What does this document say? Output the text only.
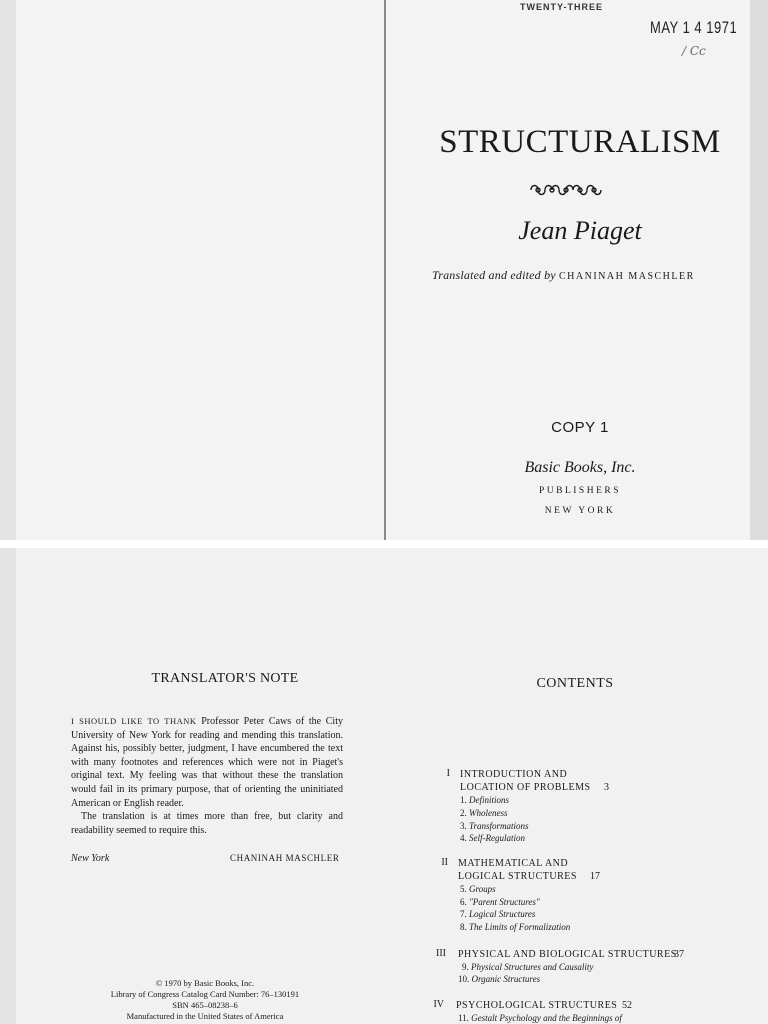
TWENTY-THREE
MAY 1 4 1971
/ Cc
STRUCTURALISM
Jean Piaget
Translated and edited by CHANINAH MASCHLER
COPY 1
Basic Books, Inc.
PUBLISHERS
NEW YORK
TRANSLATOR'S NOTE

I SHOULD LIKE TO THANK Professor Peter Caws of the City University of New York for reading and mending this translation. Against his, possibly better, judgment, I have encumbered the text with many footnotes and references which were not in Piaget's original text. My feeling was that without these the translation would fail in its primary purpose, that of orienting the uninitiated American or English reader.

The translation is at times more than free, but clarity and readability seemed to require this.

New York	CHANINAH MASCHLER
© 1970 by Basic Books, Inc.
Library of Congress Catalog Card Number: 76–130191
SBN 465–08238–6
Manufactured in the United States of America
CONTENTS
I INTRODUCTION AND
LOCATION OF PROBLEMS 3
1. Definitions
2. Wholeness
3. Transformations
4. Self-Regulation
II MATHEMATICAL AND
LOGICAL STRUCTURES 17
5. Groups
6. "Parent Structures"
7. Logical Structures
8. The Limits of Formalization
III PHYSICAL AND BIOLOGICAL STRUCTURES
37
9. Physical Structures and Causality
10. Organic Structures
IV PSYCHOLOGICAL STRUCTURES 52
11. Gestalt Psychology and the Beginnings of
